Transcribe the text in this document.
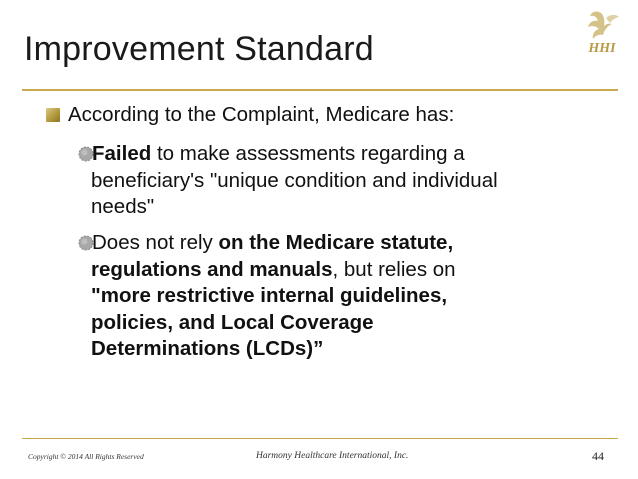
Improvement Standard	HHI
According to the Complaint, Medicare has:
Failed to make assessments regarding a
beneficiary's "unique condition and individual
needs"
Does not rely on the Medicare statute,
regulations and manuals, but relies on
"more restrictive internal guidelines,
policies, and Local Coverage
Determinations (LCDs)”
Copyright © 2014 All Rights Reserved	Harmony Healthcare International, Inc.	44
